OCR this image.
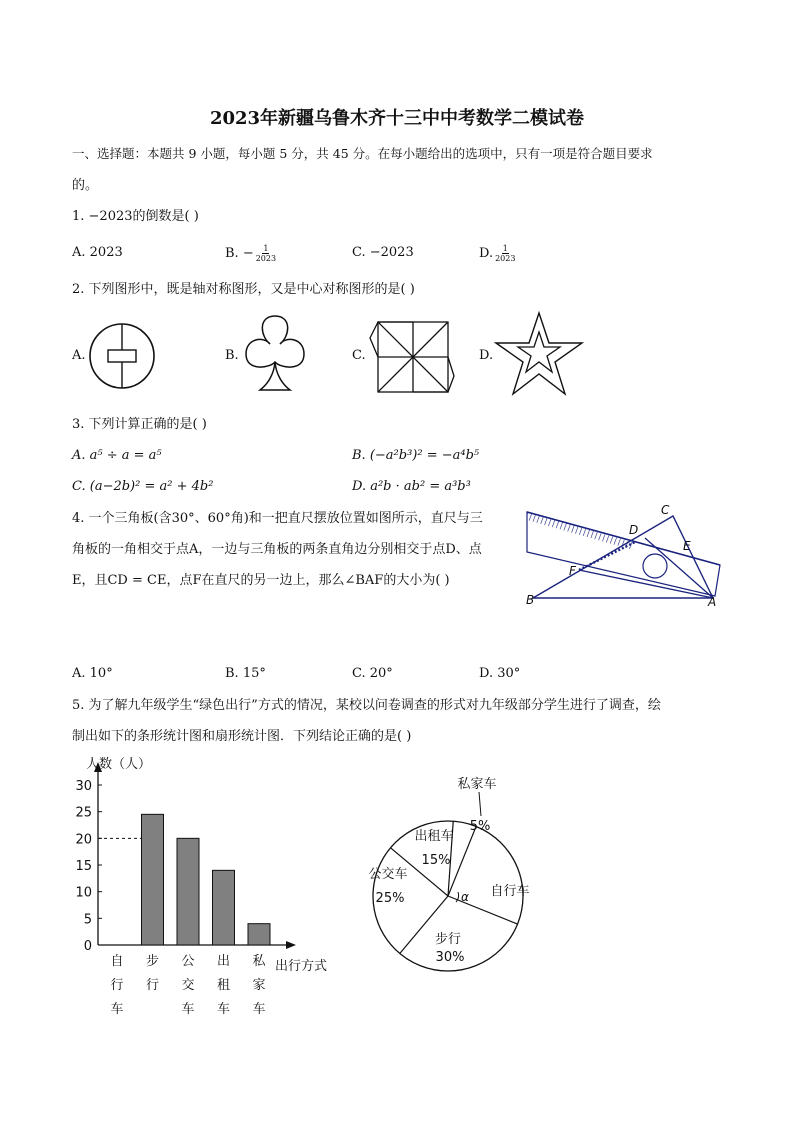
2023年新疆乌鲁木齐十三中中考数学二模试卷
一、选择题：本题共 9 小题，每小题 5 分，共 45 分。在每小题给出的选项中，只有一项是符合题目要求
的。
1. −2023的倒数是( )
A. 2023	B. − $\frac{1}{2023}$	C. −2023	D. $\frac{1}{2023}$
2. 下列图形中，既是轴对称图形，又是中心对称图形的是( )
A.	B.	C.	D.
3. 下列计算正确的是( )
A. a⁵ ÷ a = a⁵	B. (−a²b³)² = −a⁴b⁵
C. (a−2b)² = a² + 4b²	D. a²b · ab² = a³b³
4. 一个三角板(含30°、60°角)和一把直尺摆放位置如图所示，直尺与三
角板的一角相交于点A，一边与三角板的两条直角边分别相交于点D、点
E，且CD = CE，点F在直尺的另一边上，那么∠BAF的大小为( )
C
D
E
F
B	A
A. 10°	B. 15°	C. 20°	D. 30°
5. 为了解九年级学生“绿色出行”方式的情况，某校以问卷调查的形式对九年级部分学生进行了调查，绘
制出如下的条形统计图和扇形统计图．下列结论正确的是( )
人数（人）
出行方式
0
5
10
15
20
25
30
自
行
车
步
行
公
交
车
出
租
车
私
家
车
私家车
5%
出租车
15%
公交车
25%
步行
30%
自行车
α
